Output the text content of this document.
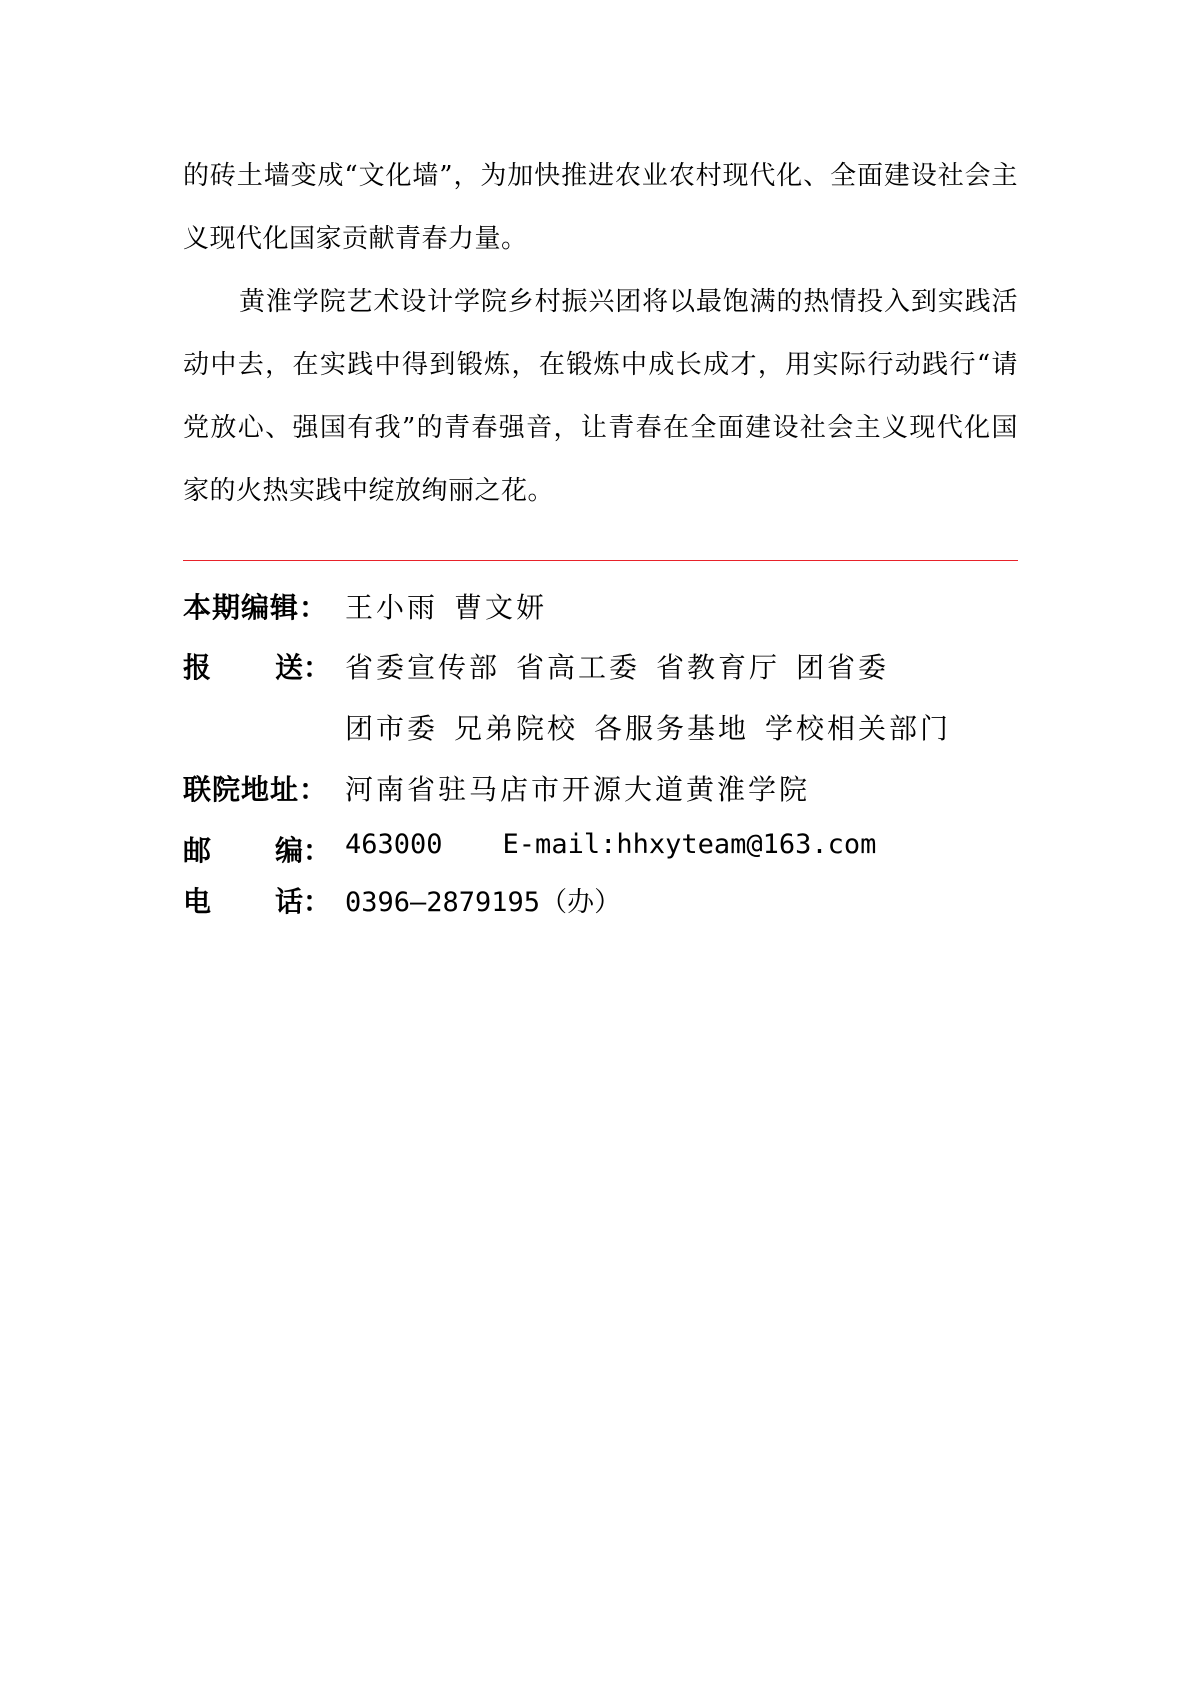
的砖土墙变成“文化墙”，为加快推进农业农村现代化、全面建设社会主义现代化国家贡献青春力量。
黄淮学院艺术设计学院乡村振兴团将以最饱满的热情投入到实践活动中去，在实践中得到锻炼，在锻炼中成长成才，用实际行动践行“请党放心、强国有我”的青春强音，让青春在全面建设社会主义现代化国家的火热实践中绽放绚丽之花。
本期编辑： 王小雨 曹文妍
报 送： 省委宣传部 省高工委 省教育厅 团省委
团市委 兄弟院校 各服务基地 学校相关部门
联院地址： 河南省驻马店市开源大道黄淮学院
邮 编： 463000 E-mail:hhxyteam@163.com
电 话： 0396—2879195（办）
